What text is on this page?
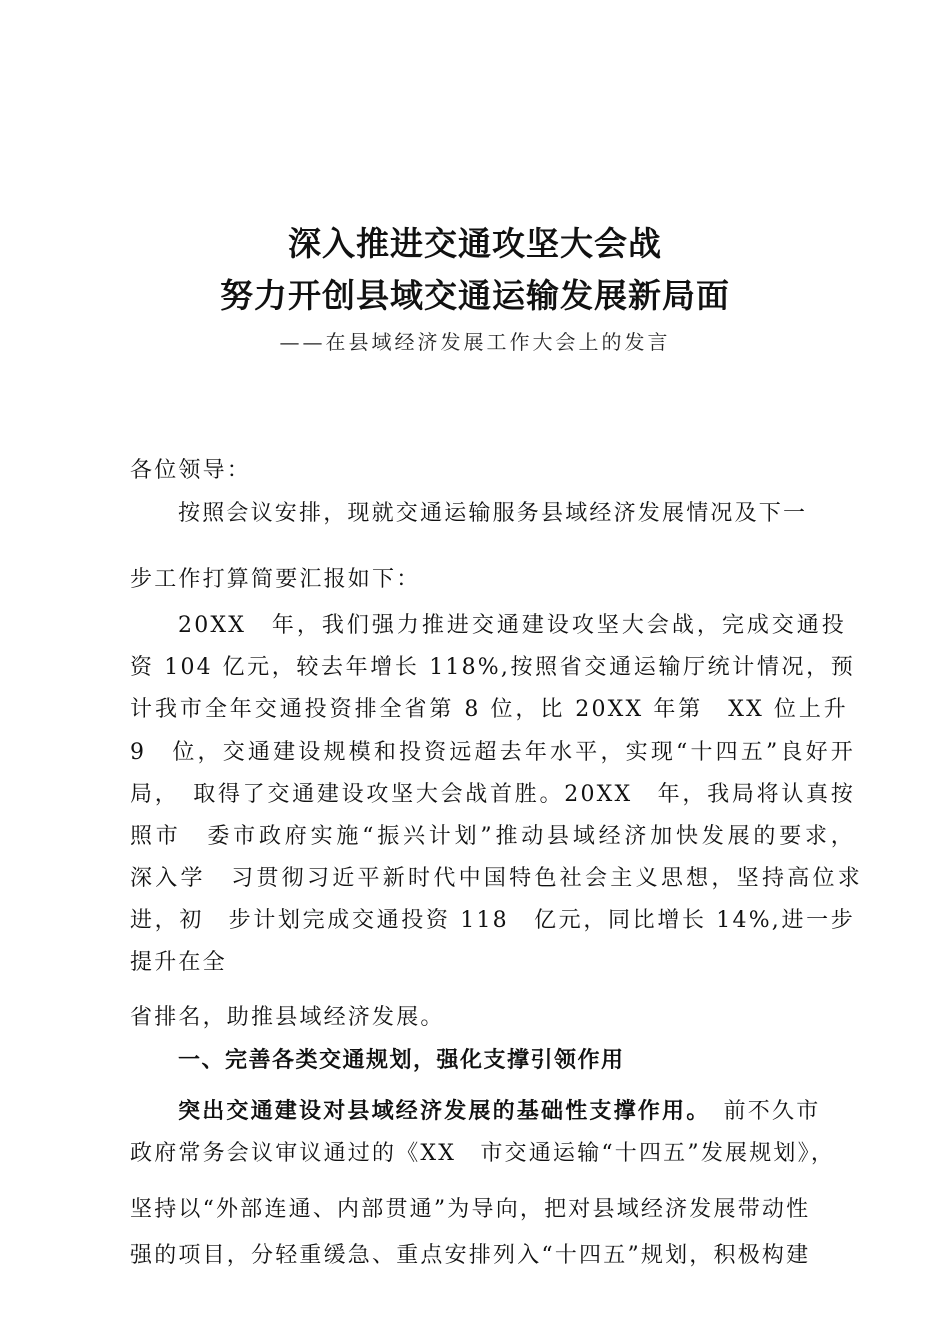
深入推进交通攻坚大会战
努力开创县域交通运输发展新局面
——在县域经济发展工作大会上的发言
各位领导：
按照会议安排，现就交通运输服务县域经济发展情况及下一
步工作打算简要汇报如下：
20XX　年，我们强力推进交通建设攻坚大会战，完成交通投
资 104 亿元，较去年增长 118%,按照省交通运输厅统计情况，预
计我市全年交通投资排全省第 8 位，比 20XX 年第　XX 位上升
9　位，交通建设规模和投资远超去年水平，实现“十四五”良好开
局，　取得了交通建设攻坚大会战首胜。20XX　年，我局将认真按
照市　委市政府实施“振兴计划”推动县域经济加快发展的要求，
深入学　习贯彻习近平新时代中国特色社会主义思想，坚持高位求
进，初　步计划完成交通投资 118　亿元，同比增长 14%,进一步
提升在全
省排名，助推县域经济发展。
一、完善各类交通规划，强化支撑引领作用
突出交通建设对县域经济发展的基础性支撑作用。　前不久市
政府常务会议审议通过的《XX　市交通运输“十四五”发展规划》，
坚持以“外部连通、内部贯通”为导向，把对县域经济发展带动性
强的项目，分轻重缓急、重点安排列入“十四五”规划，积极构建
